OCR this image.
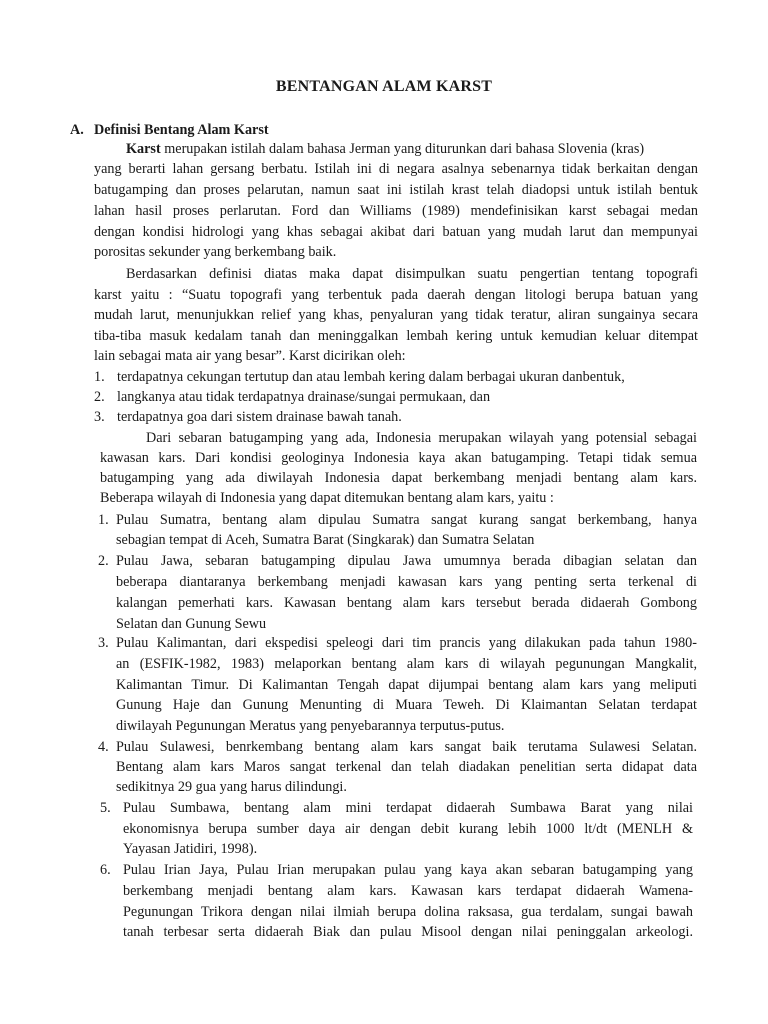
BENTANGAN ALAM KARST
A. Definisi Bentang Alam Karst
Karst merupakan istilah dalam bahasa Jerman yang diturunkan dari bahasa Slovenia (kras)
yang berarti lahan gersang berbatu. Istilah ini di negara asalnya sebenarnya tidak berkaitan dengan
batugamping dan proses pelarutan, namun saat ini istilah krast telah diadopsi untuk istilah bentuk
lahan hasil proses perlarutan. Ford dan Williams (1989) mendefinisikan karst sebagai medan
dengan kondisi hidrologi yang khas sebagai akibat dari batuan yang mudah larut dan mempunyai
porositas sekunder yang berkembang baik.
Berdasarkan definisi diatas maka dapat disimpulkan suatu pengertian tentang topografi
karst yaitu : “Suatu topografi yang terbentuk pada daerah dengan litologi berupa batuan yang
mudah larut, menunjukkan relief yang khas, penyaluran yang tidak teratur, aliran sungainya secara
tiba-tiba masuk kedalam tanah dan meninggalkan lembah kering untuk kemudian keluar ditempat
lain sebagai mata air yang besar”. Karst dicirikan oleh:
1. terdapatnya cekungan tertutup dan atau lembah kering dalam berbagai ukuran danbentuk,
2. langkanya atau tidak terdapatnya drainase/sungai permukaan, dan
3. terdapatnya goa dari sistem drainase bawah tanah.
Dari sebaran batugamping yang ada, Indonesia merupakan wilayah yang potensial sebagai
kawasan kars. Dari kondisi geologinya Indonesia kaya akan batugamping. Tetapi tidak semua
batugamping yang ada diwilayah Indonesia dapat berkembang menjadi bentang alam kars.
Beberapa wilayah di Indonesia yang dapat ditemukan bentang alam kars, yaitu :
1. Pulau Sumatra, bentang alam dipulau Sumatra sangat kurang sangat berkembang, hanya
sebagian tempat di Aceh, Sumatra Barat (Singkarak) dan Sumatra Selatan
2. Pulau Jawa, sebaran batugamping dipulau Jawa umumnya berada dibagian selatan dan
beberapa diantaranya berkembang menjadi kawasan kars yang penting serta terkenal di
kalangan pemerhati kars. Kawasan bentang alam kars tersebut berada didaerah Gombong
Selatan dan Gunung Sewu
3. Pulau Kalimantan, dari ekspedisi speleogi dari tim prancis yang dilakukan pada tahun 1980-
an (ESFIK-1982, 1983) melaporkan bentang alam kars di wilayah pegunungan Mangkalit,
Kalimantan Timur. Di Kalimantan Tengah dapat dijumpai bentang alam kars yang meliputi
Gunung Haje dan Gunung Menunting di Muara Teweh. Di Klaimantan Selatan terdapat
diwilayah Pegunungan Meratus yang penyebarannya terputus-putus.
4. Pulau Sulawesi, benrkembang bentang alam kars sangat baik terutama Sulawesi Selatan.
Bentang alam kars Maros sangat terkenal dan telah diadakan penelitian serta didapat data
sedikitnya 29 gua yang harus dilindungi.
5. Pulau Sumbawa, bentang alam mini terdapat didaerah Sumbawa Barat yang nilai
ekonomisnya berupa sumber daya air dengan debit kurang lebih 1000 lt/dt (MENLH &
Yayasan Jatidiri, 1998).
6. Pulau Irian Jaya, Pulau Irian merupakan pulau yang kaya akan sebaran batugamping yang
berkembang menjadi bentang alam kars. Kawasan kars terdapat didaerah Wamena-
Pegunungan Trikora dengan nilai ilmiah berupa dolina raksasa, gua terdalam, sungai bawah
tanah terbesar serta didaerah Biak dan pulau Misool dengan nilai peninggalan arkeologi.
